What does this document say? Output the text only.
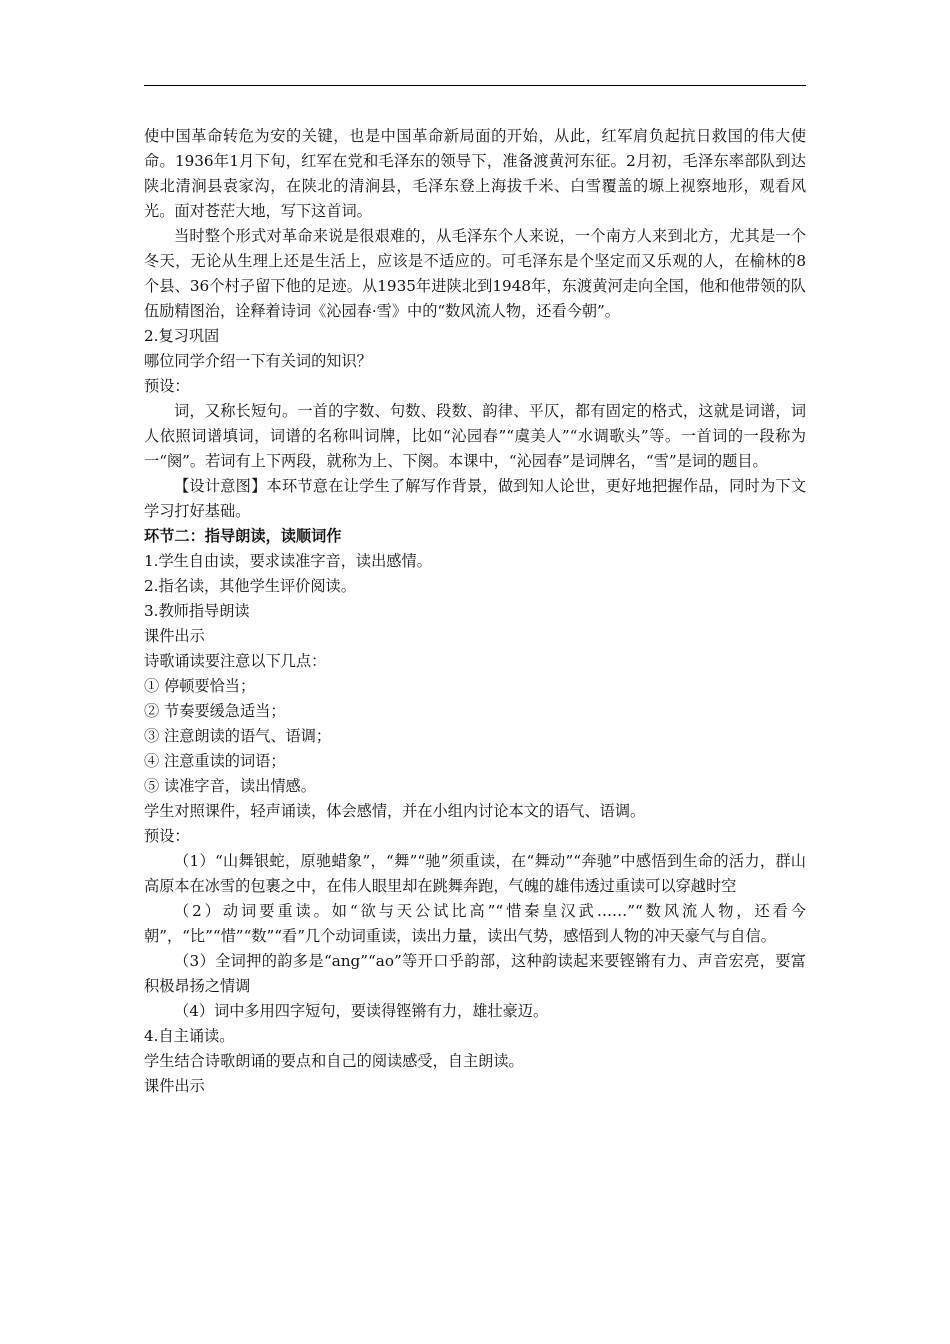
使中国革命转危为安的关键，也是中国革命新局面的开始，从此，红军肩负起抗日救国的伟大使命。1936年1月下旬，红军在党和毛泽东的领导下，准备渡黄河东征。2月初，毛泽东率部队到达陕北清涧县袁家沟，在陕北的清涧县，毛泽东登上海拔千米、白雪覆盖的塬上视察地形，观看风光。面对苍茫大地，写下这首词。

当时整个形式对革命来说是很艰难的，从毛泽东个人来说，一个南方人来到北方，尤其是一个冬天，无论从生理上还是生活上，应该是不适应的。可毛泽东是个坚定而又乐观的人，在榆林的8个县、36个村子留下他的足迹。从1935年进陕北到1948年，东渡黄河走向全国，他和他带领的队伍励精图治，诠释着诗词《沁园春·雪》中的“数风流人物，还看今朝”。

2.复习巩固

哪位同学介绍一下有关词的知识？

预设：

词，又称长短句。一首的字数、句数、段数、韵律、平仄，都有固定的格式，这就是词谱，词人依照词谱填词，词谱的名称叫词牌，比如“沁园春”“虞美人”“水调歌头”等。一首词的一段称为一“阕”。若词有上下两段，就称为上、下阕。本课中，“沁园春”是词牌名，“雪”是词的题目。

【设计意图】本环节意在让学生了解写作背景，做到知人论世，更好地把握作品，同时为下文学习打好基础。

环节二：指导朗读，读顺词作

1.学生自由读，要求读准字音，读出感情。

2.指名读，其他学生评价阅读。

3.教师指导朗读

课件出示

诗歌诵读要注意以下几点：

① 停顿要恰当；

② 节奏要缓急适当；

③ 注意朗读的语气、语调；

④ 注意重读的词语；

⑤ 读准字音，读出情感。

学生对照课件，轻声诵读，体会感情，并在小组内讨论本文的语气、语调。

预设：

（1）“山舞银蛇，原驰蜡象”，“舞”“驰”须重读，在“舞动”“奔驰”中感悟到生命的活力，群山高原本在冰雪的包裹之中，在伟人眼里却在跳舞奔跑，气魄的雄伟透过重读可以穿越时空

（2）动词要重读。如“欲与天公试比高”“惜秦皇汉武……”“数风流人物，还看今朝”，“比”“惜”“数”“看”几个动词重读，读出力量，读出气势，感悟到人物的冲天豪气与自信。

（3）全词押的韵多是“ang”“ao”等开口乎韵部，这种韵读起来要铿锵有力、声音宏亮，要富积极昂扬之情调

（4）词中多用四字短句，要读得铿锵有力，雄壮豪迈。

4.自主诵读。

学生结合诗歌朗诵的要点和自己的阅读感受，自主朗读。

课件出示
